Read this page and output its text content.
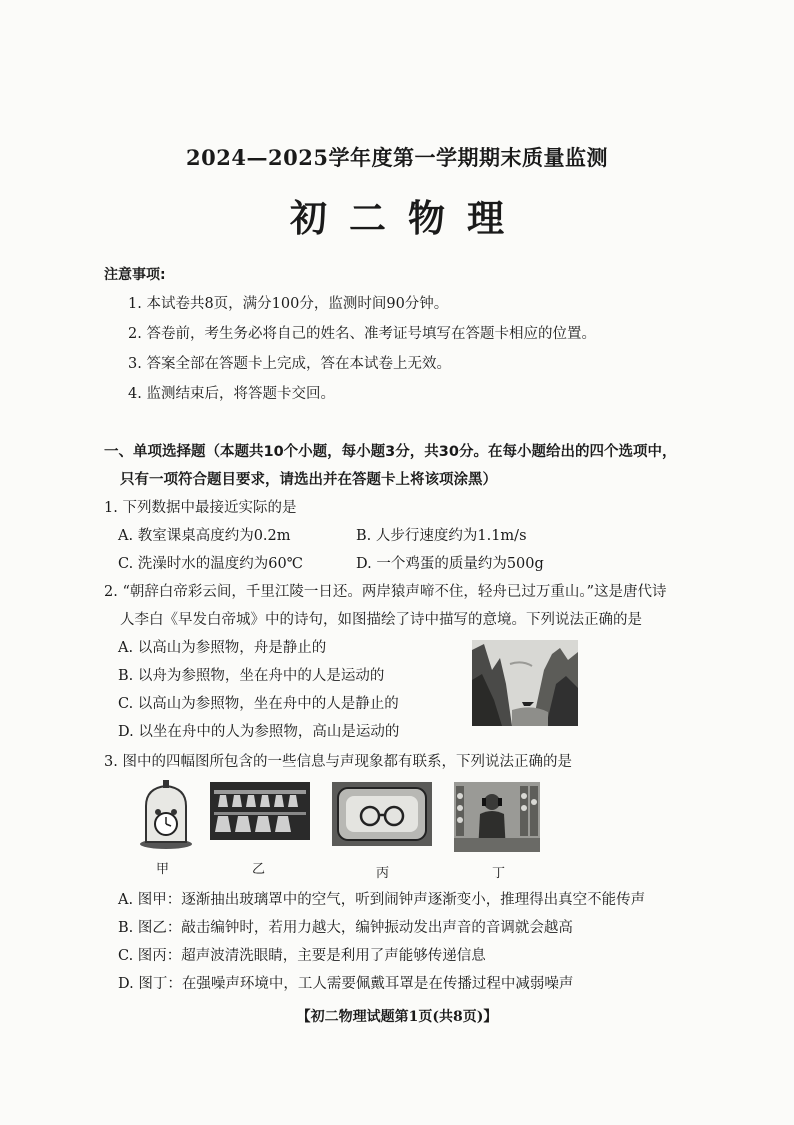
2024—2025学年度第一学期期末质量监测
初二物理
注意事项:
1. 本试卷共8页，满分100分，监测时间90分钟。
2. 答卷前，考生务必将自己的姓名、准考证号填写在答题卡相应的位置。
3. 答案全部在答题卡上完成，答在本试卷上无效。
4. 监测结束后，将答题卡交回。
一、单项选择题（本题共10个小题，每小题3分，共30分。在每小题给出的四个选项中，
只有一项符合题目要求，请选出并在答题卡上将该项涂黑）
1. 下列数据中最接近实际的是
A. 教室课桌高度约为0.2m	B. 人步行速度约为1.1m/s
C. 洗澡时水的温度约为60℃	D. 一个鸡蛋的质量约为500g
2. “朝辞白帝彩云间，千里江陵一日还。两岸猿声啼不住，轻舟已过万重山。”这是唐代诗
人李白《早发白帝城》中的诗句，如图描绘了诗中描写的意境。下列说法正确的是
A. 以高山为参照物，舟是静止的
B. 以舟为参照物，坐在舟中的人是运动的
C. 以高山为参照物，坐在舟中的人是静止的
D. 以坐在舟中的人为参照物，高山是运动的
3. 图中的四幅图所包含的一些信息与声现象都有联系，下列说法正确的是
甲	乙	丙	丁
A. 图甲：逐渐抽出玻璃罩中的空气，听到闹钟声逐渐变小，推理得出真空不能传声
B. 图乙：敲击编钟时，若用力越大，编钟振动发出声音的音调就会越高
C. 图丙：超声波清洗眼睛，主要是利用了声能够传递信息
D. 图丁：在强噪声环境中，工人需要佩戴耳罩是在传播过程中减弱噪声
【初二物理试题第1页(共8页)】
